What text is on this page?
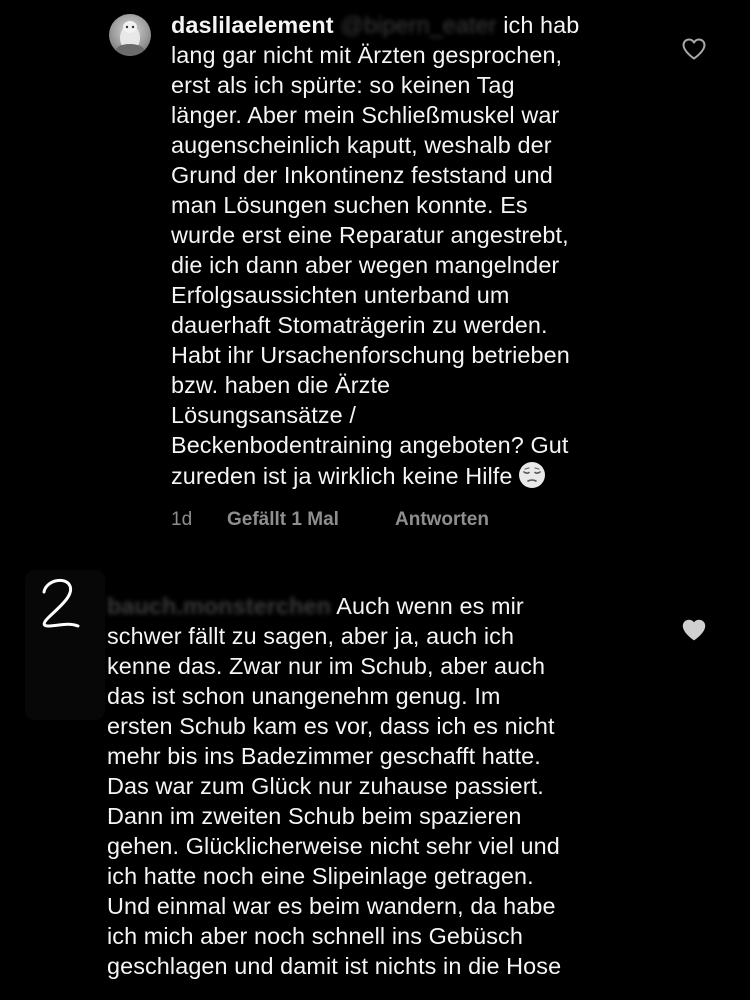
daslilaelement @bipern_eater ich hab
lang gar nicht mit Ärzten gesprochen,
erst als ich spürte: so keinen Tag
länger. Aber mein Schließmuskel war
augenscheinlich kaputt, weshalb der
Grund der Inkontinenz feststand und
man Lösungen suchen konnte. Es
wurde erst eine Reparatur angestrebt,
die ich dann aber wegen mangelnder
Erfolgsaussichten unterband um
dauerhaft Stomaträgerin zu werden.
Habt ihr Ursachenforschung betrieben
bzw. haben die Ärzte
Lösungsansätze /
Beckenbodentraining angeboten? Gut
zureden ist ja wirklich keine Hilfe

1d Gefällt 1 Mal	Antworten

bauch.monsterchen Auch wenn es mir
schwer fällt zu sagen, aber ja, auch ich
kenne das. Zwar nur im Schub, aber auch
das ist schon unangenehm genug. Im
ersten Schub kam es vor, dass ich es nicht
mehr bis ins Badezimmer geschafft hatte.
Das war zum Glück nur zuhause passiert.
Dann im zweiten Schub beim spazieren
gehen. Glücklicherweise nicht sehr viel und
ich hatte noch eine Slipeinlage getragen.
Und einmal war es beim wandern, da habe
ich mich aber noch schnell ins Gebüsch
geschlagen und damit ist nichts in die Hose
